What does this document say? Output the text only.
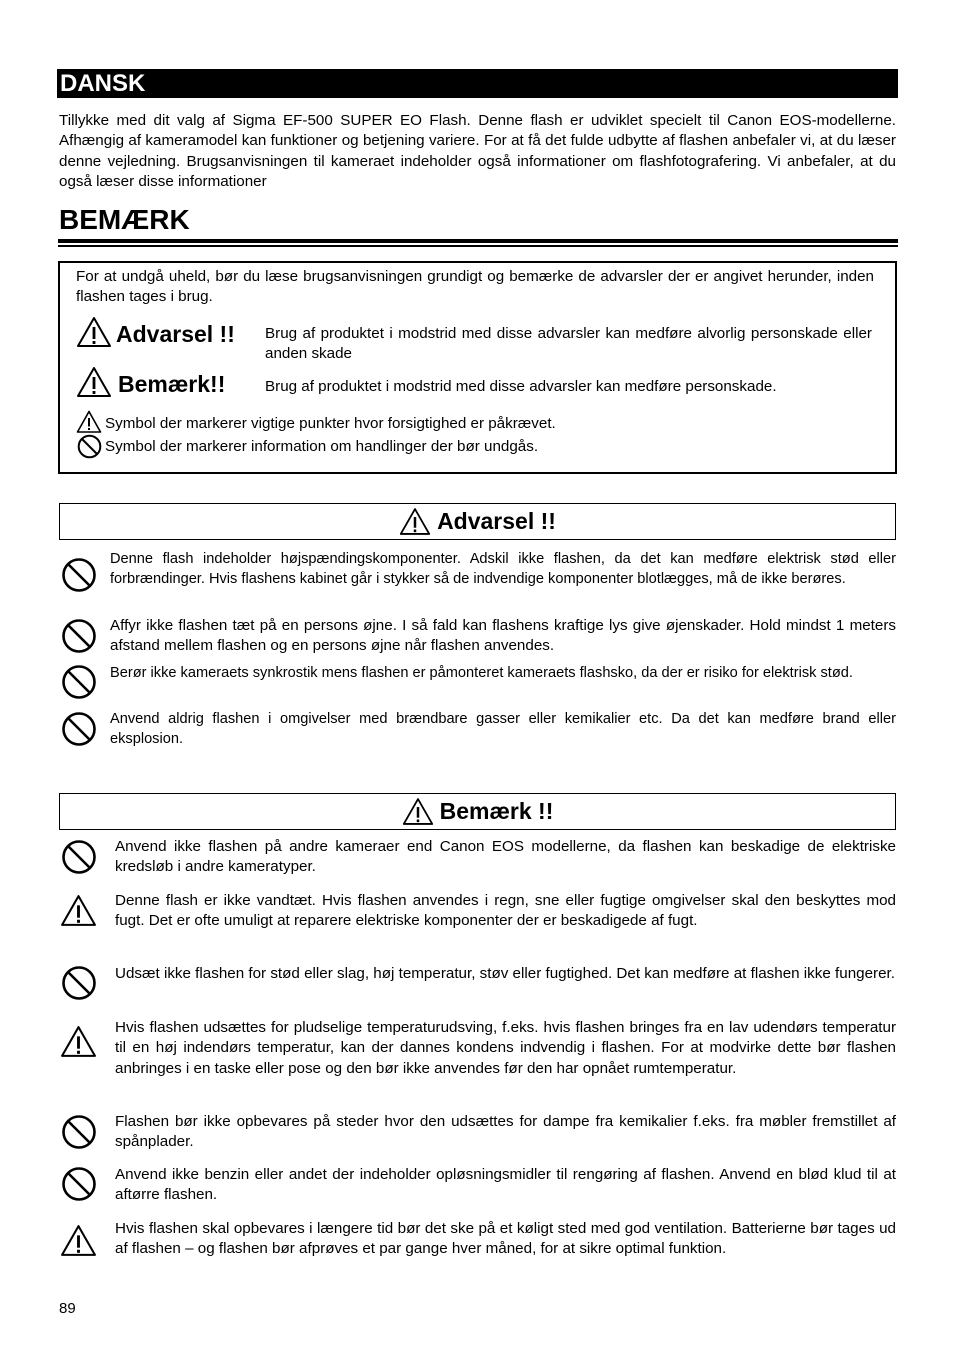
DANSK
Tillykke med dit valg af Sigma EF-500 SUPER EO Flash. Denne flash er udviklet specielt til Canon EOS-modellerne. Afhængig af kameramodel kan funktioner og betjening variere. For at få det fulde udbytte af flashen anbefaler vi, at du læser denne vejledning. Brugsanvisningen til kameraet indeholder også informationer om flashfotografering. Vi anbefaler, at du også læser disse informationer
BEMÆRK
For at undgå uheld, bør du læse brugsanvisningen grundigt og bemærke de advarsler der er angivet herunder, inden flashen tages i brug.
Advarsel !! Brug af produktet i modstrid med disse advarsler kan medføre alvorlig personskade eller anden skade
Bemærk!!	Brug af produktet i modstrid med disse advarsler kan medføre personskade.
Symbol der markerer vigtige punkter hvor forsigtighed er påkrævet.
Symbol der markerer information om handlinger der bør undgås.
Advarsel !!
Denne flash indeholder højspændingskomponenter. Adskil ikke flashen, da det kan medføre elektrisk stød eller forbrændinger. Hvis flashens kabinet går i stykker så de indvendige komponenter blotlægges, må de ikke berøres.
Affyr ikke flashen tæt på en persons øjne. I så fald kan flashens kraftige lys give øjenskader. Hold mindst 1 meters afstand mellem flashen og en persons øjne når flashen anvendes.
Berør ikke kameraets synkrostik mens flashen er påmonteret kameraets flashsko, da der er risiko for elektrisk stød.
Anvend aldrig flashen i omgivelser med brændbare gasser eller kemikalier etc. Da det kan medføre brand eller eksplosion.
Bemærk !!
Anvend ikke flashen på andre kameraer end Canon EOS modellerne, da flashen kan beskadige de elektriske kredsløb i andre kameratyper.
Denne flash er ikke vandtæt. Hvis flashen anvendes i regn, sne eller fugtige omgivelser skal den beskyttes mod fugt. Det er ofte umuligt at reparere elektriske komponenter der er beskadigede af fugt.
Udsæt ikke flashen for stød eller slag, høj temperatur, støv eller fugtighed. Det kan medføre at flashen ikke fungerer.
Hvis flashen udsættes for pludselige temperaturudsving, f.eks. hvis flashen bringes fra en lav udendørs temperatur til en høj indendørs temperatur, kan der dannes kondens indvendig i flashen. For at modvirke dette bør flashen anbringes i en taske eller pose og den bør ikke anvendes før den har opnået rumtemperatur.
Flashen bør ikke opbevares på steder hvor den udsættes for dampe fra kemikalier f.eks. fra møbler fremstillet af spånplader.
Anvend ikke benzin eller andet der indeholder opløsningsmidler til rengøring af flashen. Anvend en blød klud til at aftørre flashen.
Hvis flashen skal opbevares i længere tid bør det ske på et køligt sted med god ventilation. Batterierne bør tages ud af flashen – og flashen bør afprøves et par gange hver måned, for at sikre optimal funktion.
89
